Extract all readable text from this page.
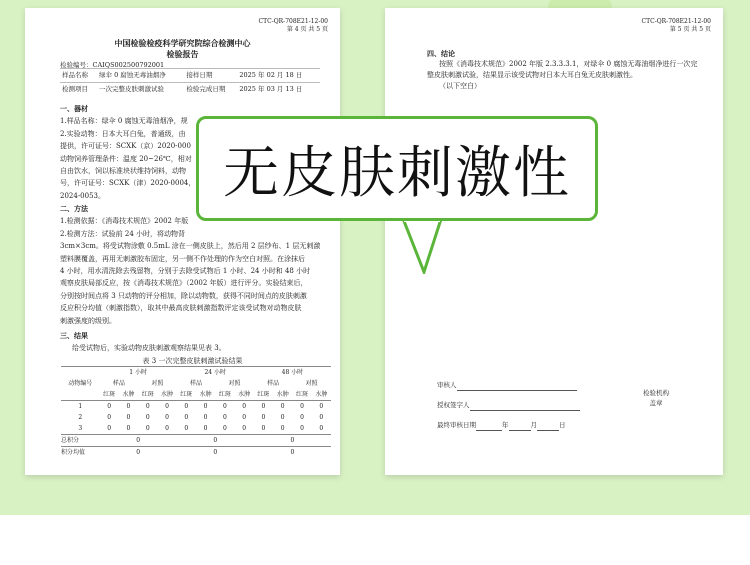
CTC-QR-708E21-12-00
第 4 页 共 5 页
中国检验检疫科学研究院综合检测中心
检验报告
检验编号：CAIQS002500792001
样品名称	绿伞 0 腐蚀无毒油烟净	接样日期	2025 年 02 月 18 日
检测项目	一次完整皮肤刺激试验	检验完成日期	2025 年 03 月 13 日
一、器材
1.样品名称：绿伞 0 腐蚀无毒油烟净，规
2.实验动物：日本大耳白兔，普通级，由
提供，许可证号：SCXK（京）2020-000
动物饲养管理条件：温度 20~26℃，相对
自由饮水，饲以标准块状维持饲料，动物
号，许可证号：SCXK（津）2020-0004，
2024-0053。
二、方法
1.检测依据：《消毒技术规范》2002 年版
2.检测方法：试验前 24 小时，将动物背
3cm×3cm。将受试物涂敷 0.5mL 涂在一侧皮肤上，然后用 2 层纱布、1 层无刺激
塑料膜覆盖，再用无刺激胶布固定，另一侧不作处理的作为空白对照。在涂抹后
4 小时，用水清洗除去残留物，分别于去除受试物后 1 小时、24 小时和 48 小时
观察皮肤局部反应，按《消毒技术规范》（2002 年版）进行评分。实验结束后，
分别按时间点将 3 只动物的评分相加，除以动物数，获得不同时间点的皮肤刺激
反应积分均值（刺激指数），取其中最高皮肤刺激指数评定该受试物对动物皮肤
刺激强度的级别。
三、结果
给受试物后，实验动物皮肤刺激观察结果见表 3。
表 3 一次完整皮肤刺激试验结果
动物编号	1 小时				24 小时				48 小时			
	样品		对照		样品		对照		样品		对照	
	红斑	水肿	红斑	水肿	红斑	水肿	红斑	水肿	红斑	水肿	红斑	水肿
1	0	0	0	0	0	0	0	0	0	0	0	0
2	0	0	0	0	0	0	0	0	0	0	0	0
3	0	0	0	0	0	0	0	0	0	0	0	0
总积分	0				0				0			
积分均值	0				0				0			
CTC-QR-708E21-12-00
第 5 页 共 5 页
四、结论
按照《消毒技术规范》2002 年版 2.3.3.3.1，对绿伞 0 腐蚀无毒油烟净进行一次完
整皮肤刺激试验，结果显示该受试物对日本大耳白兔无皮肤刺激性。
（以下空白）
审核人
授权签字人
最终审核日期	年	月	日
检验机构
盖章
无皮肤刺激性
